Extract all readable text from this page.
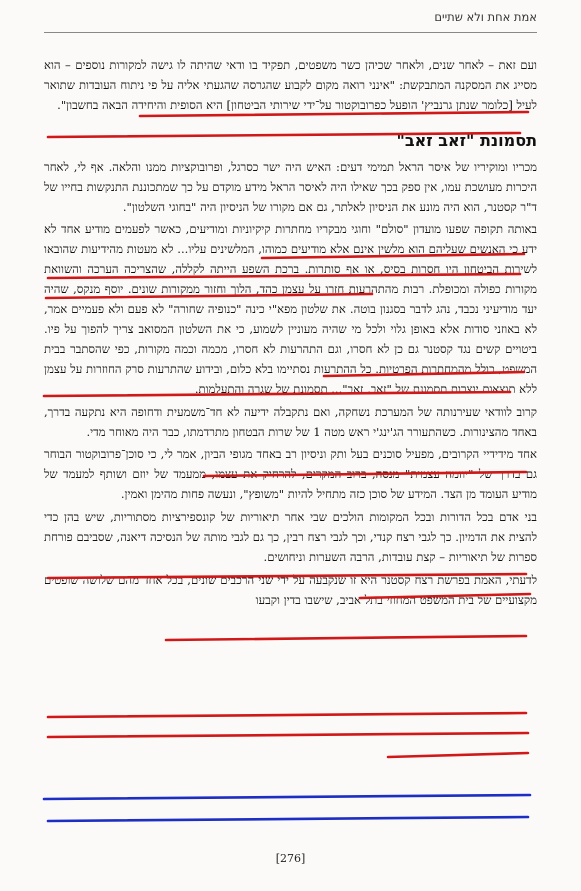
אמת אחת ולא שתיים

ועם זאת – לאחר שנים, ולאחר שכיהן כשר משפטים, תפקיד בו ודאי שהיתה לו גישה למקורות נוספים – הוא מסייג את המסקנה המתבקשת: "אינני רואה מקום לקבוע שהגרסה שהגעתי אליה על פי ניתוח העובדות שתואר לעיל [כלומר שנתן גרנביץ' הופעל כפרובוקטור על־ידי שירותי הביטחון] היא הסופית והיחידה הבאה בחשבון".

תסמונת "זאב זאב"

מכריו ומוקיריו של איסר הראל תמימי דעים: האיש היה ישר כסרגל, ופרובוקציות ממנו והלאה. אף לי, לאחר היכרות מעושכת עמו, אין ספק בכך שאילו היה לאיסר הראל מידע מוקדם על כך שמתכוננת התנקשות בחייו של ד"ר קסטנר, הוא היה מונע את הניסיון לאלתר, גם אם מקורו של הניסיון היה "בחוגי השלטון".

באותה תקופה שפעו מועדון "סולם" וחוגי מבקריו מחתרות קיקיוניות ומודיעים, כאשר לפעמים מודיע אחד לא ידע כי האנשים שעליהם הוא מלשין אינם אלא מודיעים כמוהו, המלשינים עליו... לא מעטות מהידיעות שהובאו לשירות הביטחון היו חסרות בסיס, או אף סותרות. ברכת השפע הייתה לקללה, שהצריכה הערכה והשוואת מקורות כפולה ומכופלת. רבות מהתהרעות חזרו על עצמן כהד, הלוך וחזור ממקורות שונים. יוסף מנקס, שהיה יעד מודיעיני נכבד, נהג לדבר בסגנון בוטה. את שלטון מפא"י כינה "כנופיה שחורה" לא פעם ולא פעמיים אמר, לא באוזני סודות אלא באופן גלוי ולכל מי שהיה מעוניין לשמוע, כי את השלטון המסואב צריך להפוך על פיו. ביטויים קשים נגד קסטנר גם כן לא חסרו, וגם התהרעות לא חסרו, מכמה וכמה מקורות, כפי שהסתבר בבית המשפט, כולל מהמחתרות הפרטיות. כל ההתרעות נסתיימו בלא כלום, ובידוע שהתרעות סרק החוזרות על עצמן ללא תוצאות יוצרות תסמונת של "זאב, זאב"... תסמונת של שגרה והתעלמות.

קרוב לוודאי שעירנותה של המערכת נשחקה, ואם נתקבלה ידיעה לא חד־משמעית ודחופה היא נתקעה בדרך, באחד מהצינורות. כשהתעורר הג'ינג'י ראש מטה 1 של שרות הבטחון מתרדמתו, כבר היה מאוחר מדי.

אחד מידידיי הקרובים, מפעיל סוכנים בעל ותק וניסיון רב באחד מגופי הביון, אמר לי, כי סוכן־פרובוקטור הבוחר גם בדרך של "יוזמה עצמית" מנסה, ברוב המקרים, להרחיק את עצמו, ממעמד של יוזם ושותף למעמד של מודיע העומד מן הצד. המידע של סוכן כזה מתחיל להיות "משופץ", ונעשה פחות מהימן ואמין.

בני אדם בכל הדורות ובכל המקומות הולכים שבי אחר תיאוריות של קונספירציות מסתוריות, שיש בהן כדי להצית את הדמיון. כך לגבי רצח קנדי, וכך לגבי רצח רבין, כך גם לגבי מותה של הנסיכה דיאנה, שסביבם פורחת ספרות של תיאוריות – קצת עובדות, הרבה השערות וניחושים.

לדעתי, האמת בפרשת רצח קסטנר היא זו שנקבעה על ידי שני הרכבים שונים, בכל אחד מהם שלושה שופטים מקצועיים של בית המשפט המחוזי בתל אביב, שישבו בדין וקבעו

[276]
